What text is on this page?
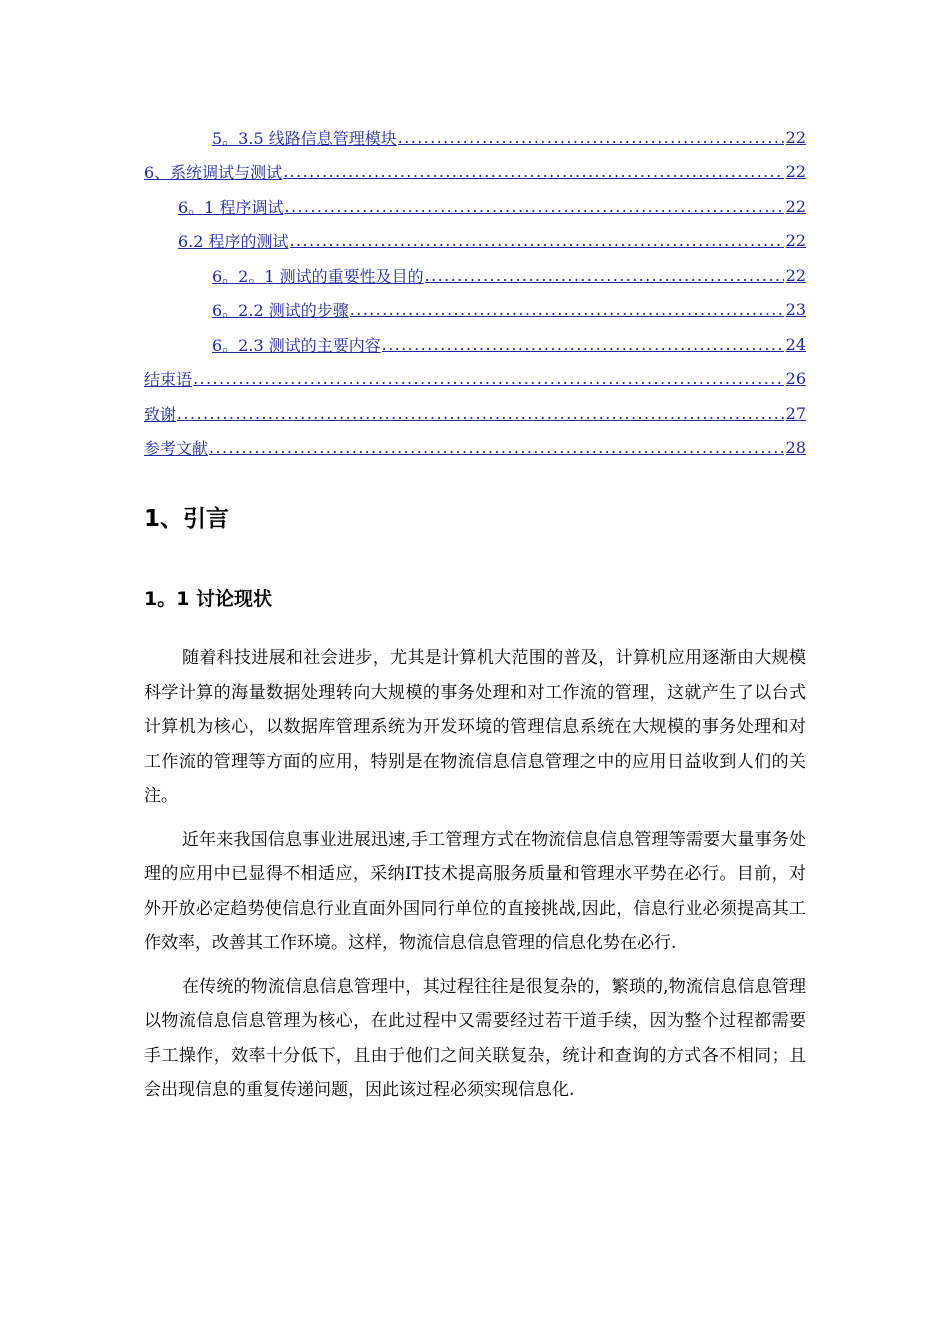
5。3.5 线路信息管理模块 .....	22
6、系统调试与测试 .....	22
6。1 程序调试 .....	22
6.2 程序的测试 .....	22
6。2。1 测试的重要性及目的 .....	22
6。2.2 测试的步骤 .....	23
6。2.3 测试的主要内容 .....	24
结束语 .....	26
致谢 .....	27
参考文献 .....	28
1、引言
1。1 讨论现状

随着科技进展和社会进步，尤其是计算机大范围的普及，计算机应用逐渐由大规模科学计算的海量数据处理转向大规模的事务处理和对工作流的管理，这就产生了以台式计算机为核心，以数据库管理系统为开发环境的管理信息系统在大规模的事务处理和对工作流的管理等方面的应用，特别是在物流信息信息管理之中的应用日益收到人们的关注。

近年来我国信息事业进展迅速,手工管理方式在物流信息信息管理等需要大量事务处理的应用中已显得不相适应，采纳IT技术提高服务质量和管理水平势在必行。目前，对外开放必定趋势使信息行业直面外国同行单位的直接挑战,因此，信息行业必须提高其工作效率，改善其工作环境。这样，物流信息信息管理的信息化势在必行.

在传统的物流信息信息管理中，其过程往往是很复杂的，繁琐的,物流信息信息管理以物流信息信息管理为核心，在此过程中又需要经过若干道手续，因为整个过程都需要手工操作，效率十分低下，且由于他们之间关联复杂，统计和查询的方式各不相同；且会出现信息的重复传递问题，因此该过程必须实现信息化.
